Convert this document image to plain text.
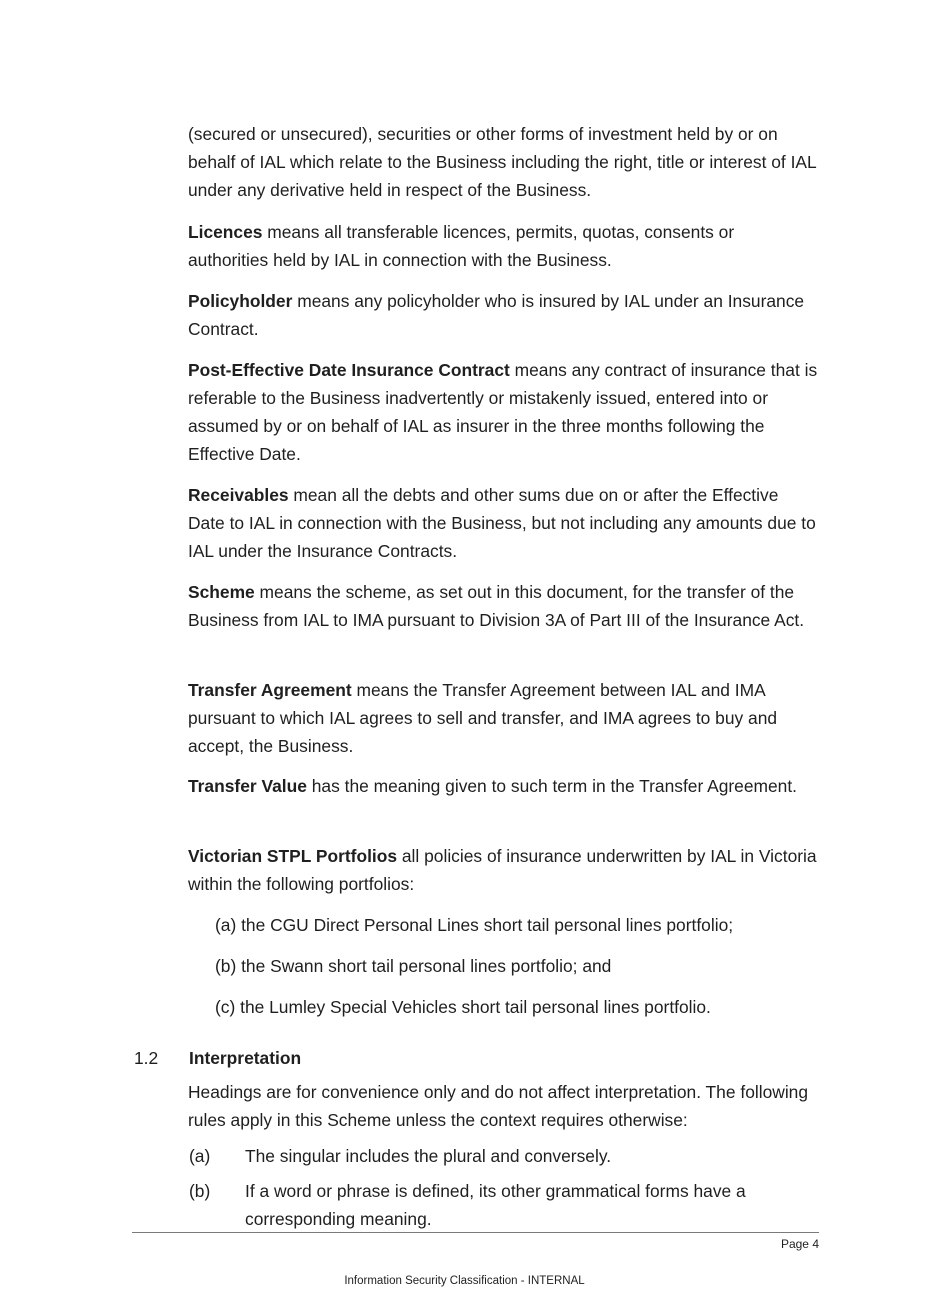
(secured or unsecured), securities or other forms of investment held by or on behalf of IAL which relate to the Business including the right, title or interest of IAL under any derivative held in respect of the Business.

Licences means all transferable licences, permits, quotas, consents or authorities held by IAL in connection with the Business.

Policyholder means any policyholder who is insured by IAL under an Insurance Contract.

Post-Effective Date Insurance Contract means any contract of insurance that is referable to the Business inadvertently or mistakenly issued, entered into or assumed by or on behalf of IAL as insurer in the three months following the Effective Date.

Receivables mean all the debts and other sums due on or after the Effective Date to IAL in connection with the Business, but not including any amounts due to IAL under the Insurance Contracts.

Scheme means the scheme, as set out in this document, for the transfer of the Business from IAL to IMA pursuant to Division 3A of Part III of the Insurance Act.

Transfer Agreement means the Transfer Agreement between IAL and IMA pursuant to which IAL agrees to sell and transfer, and IMA agrees to buy and accept, the Business.

Transfer Value has the meaning given to such term in the Transfer Agreement.

Victorian STPL Portfolios all policies of insurance underwritten by IAL in Victoria within the following portfolios:

(a) the CGU Direct Personal Lines short tail personal lines portfolio;

(b) the Swann short tail personal lines portfolio; and

(c) the Lumley Special Vehicles short tail personal lines portfolio.

1.2 Interpretation

Headings are for convenience only and do not affect interpretation. The following rules apply in this Scheme unless the context requires otherwise:

(a) The singular includes the plural and conversely.
(b) If a word or phrase is defined, its other grammatical forms have a corresponding meaning.
Page 4
Information Security Classification - INTERNAL
